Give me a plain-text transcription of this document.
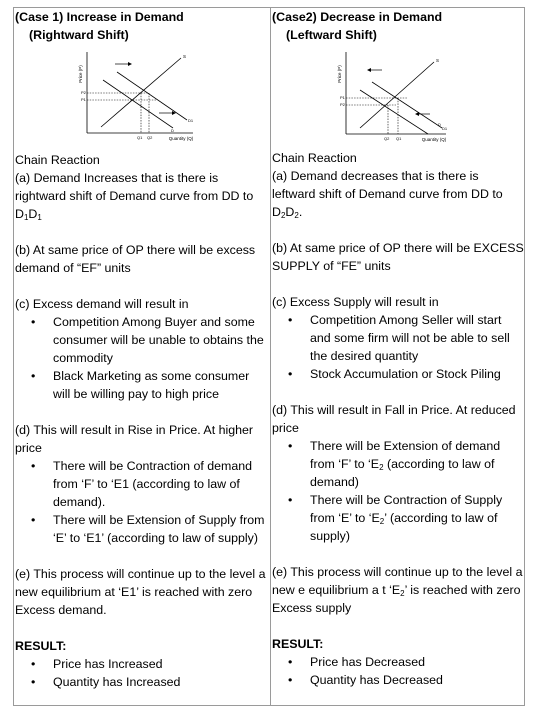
(Case 1) Increase in Demand
(Rightward Shift)
Price (P)
Quantity (Q)
S
D1
D
P2
P1
Q1 Q2
Chain Reaction
(a) Demand Increases that is there is rightward shift of Demand curve from DD to $D_1D_1$
(b) At same price of OP there will be excess demand of “EF” units
(c) Excess demand will result in
• Competition Among Buyer and some consumer will be unable to obtains the commodity
• Black Marketing as some consumer will be willing pay to high price
(d) This will result in Rise in Price. At higher price
• There will be Contraction of demand from ‘F’ to ‘E1 (according to law of demand).
• There will be Extension of Supply from ‘E’ to ‘E1’ (according to law of supply)
(e) This process will continue up to the level a new equilibrium at ‘E1’ is reached with zero Excess demand.
RESULT:
• Price has Increased
• Quantity has Increased
(Case2) Decrease in Demand
(Leftward Shift)
Price (P)
Quantity (Q)
S
D
D1
P1
P2
Q2 Q1
Chain Reaction
(a) Demand decreases that is there is leftward shift of Demand curve from DD to $D_2D_2$.
(b) At same price of OP there will be EXCESS SUPPLY of “FE” units
(c) Excess Supply will result in
• Competition Among Seller will start and some firm will not be able to sell the desired quantity
• Stock Accumulation or Stock Piling
(d) This will result in Fall in Price. At reduced price
• There will be Extension of demand from ‘F’ to ‘$E_2$ (according to law of demand)
• There will be Contraction of Supply from ‘E’ to ‘$E_2$’ (according to law of supply)
(e) This process will continue up to the level a new e equilibrium a t ‘$E_2$’ is reached with zero Excess supply
RESULT:
• Price has Decreased
• Quantity has Decreased
